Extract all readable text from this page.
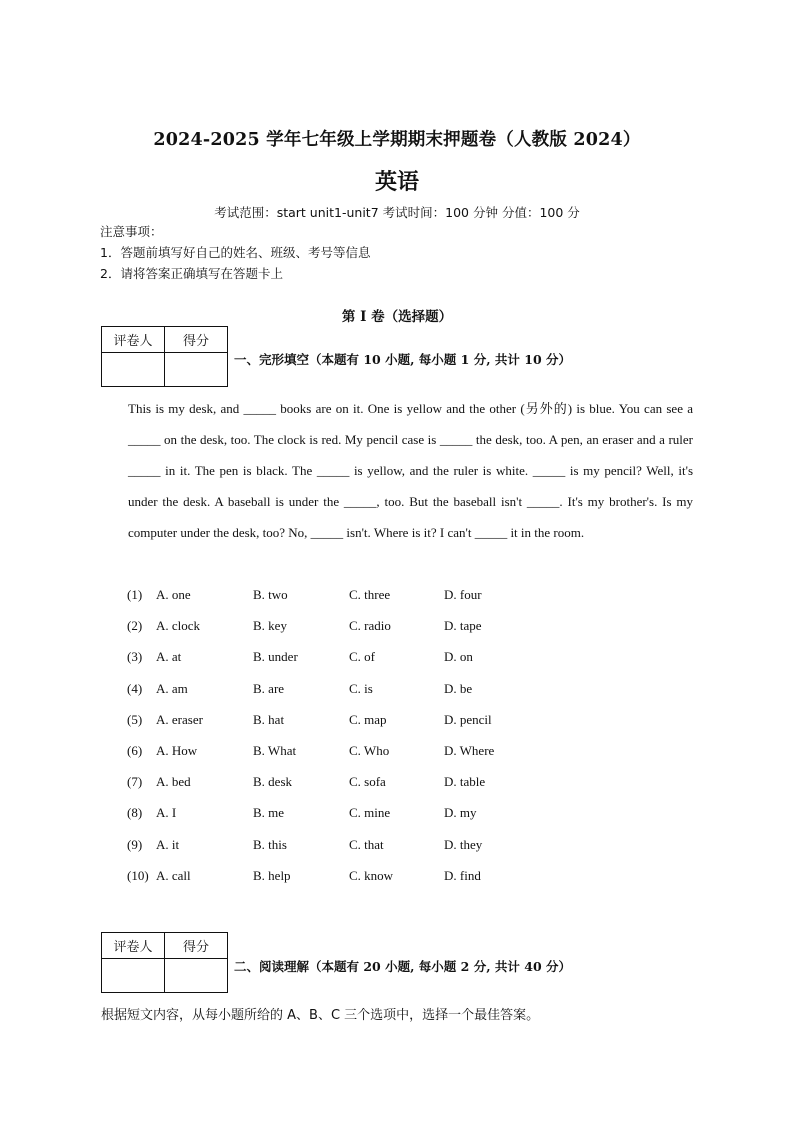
2024-2025 学年七年级上学期期末押题卷（人教版 2024）
英语
考试范围：start unit1-unit7 考试时间：100 分钟 分值：100 分
注意事项：
1．答题前填写好自己的姓名、班级、考号等信息
2．请将答案正确填写在答题卡上
第 I 卷（选择题）
评卷人	得分

一、完形填空（本题有 10 小题, 每小题 1 分, 共计 10 分）
This is my desk, and _____ books are on it. One is yellow and the other (另外的) is blue. You can see a _____ on the desk, too. The clock is red. My pencil case is _____ the desk, too. A pen, an eraser and a ruler _____ in it. The pen is black. The _____ is yellow, and the ruler is white. _____ is my pencil? Well, it's under the desk. A baseball is under the _____, too. But the baseball isn't _____. It's my brother's. Is my computer under the desk, too? No, _____ isn't. Where is it? I can't _____ it in the room.
(1) A. one	B. two	C. three	D. four
(2) A. clock	B. key	C. radio	D. tape
(3) A. at	B. under	C. of	D. on
(4) A. am	B. are	C. is	D. be
(5) A. eraser	B. hat	C. map	D. pencil
(6) A. How	B. What	C. Who	D. Where
(7) A. bed	B. desk	C. sofa	D. table
(8) A. I	B. me	C. mine	D. my
(9) A. it	B. this	C. that	D. they
(10) A. call	B. help	C. know	D. find
评卷人	得分

二、阅读理解（本题有 20 小题, 每小题 2 分, 共计 40 分）
根据短文内容，从每小题所给的 A、B、C 三个选项中，选择一个最佳答案。
